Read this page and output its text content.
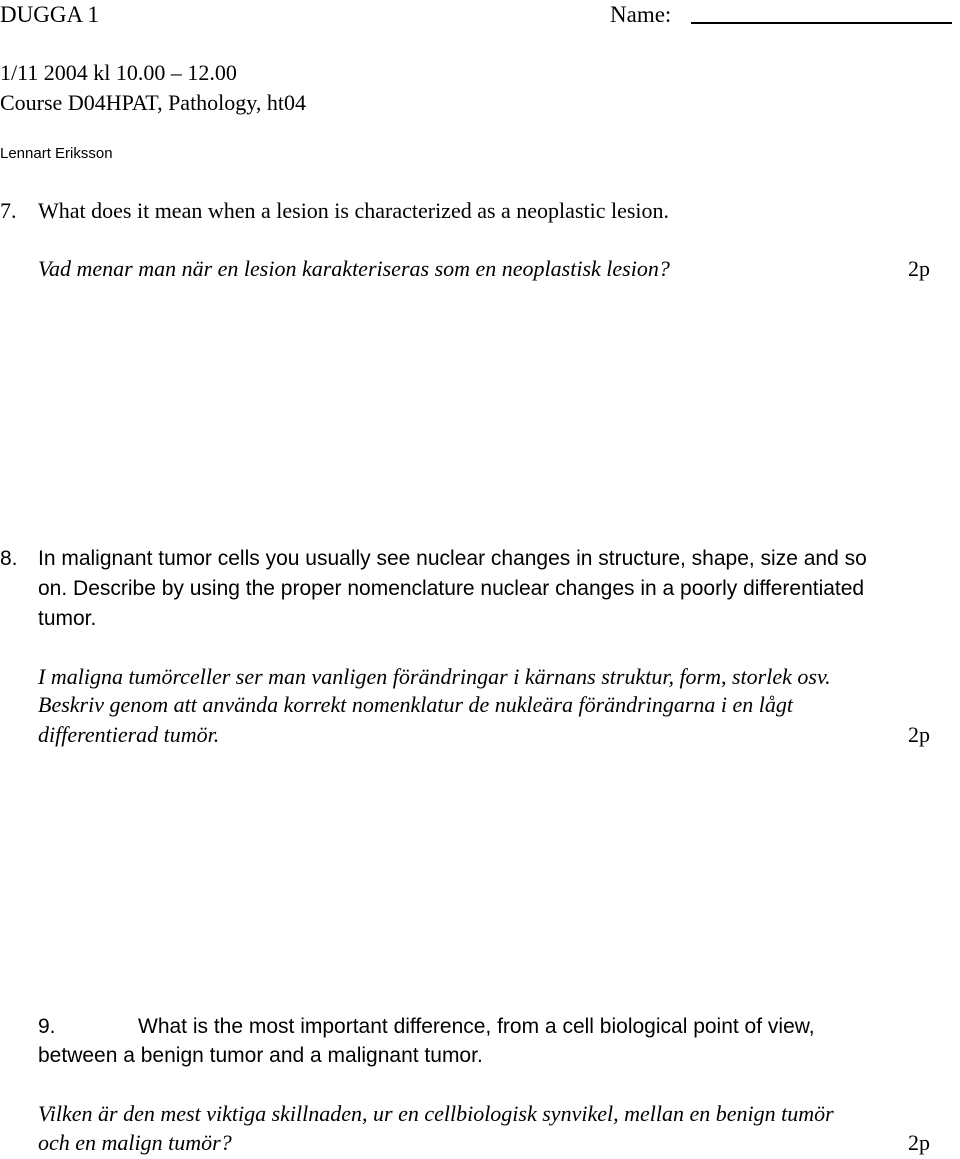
DUGGA 1	Name:
1/11 2004 kl 10.00 – 12.00
Course D04HPAT, Pathology, ht04
Lennart Eriksson
7. What does it mean when a lesion is characterized as a neoplastic lesion.
Vad menar man när en lesion karakteriseras som en neoplastisk lesion?	2p
8. In malignant tumor cells you usually see nuclear changes in structure, shape, size and so
on. Describe by using the proper nomenclature nuclear changes in a poorly differentiated
tumor.
I maligna tumörceller ser man vanligen förändringar i kärnans struktur, form, storlek osv.
Beskriv genom att använda korrekt nomenklatur de nukleära förändringarna i en lågt
differentierad tumör.	2p
9.	What is the most important difference, from a cell biological point of view,
between a benign tumor and a malignant tumor.
Vilken är den mest viktiga skillnaden, ur en cellbiologisk synvikel, mellan en benign tumör
och en malign tumör?	2p
